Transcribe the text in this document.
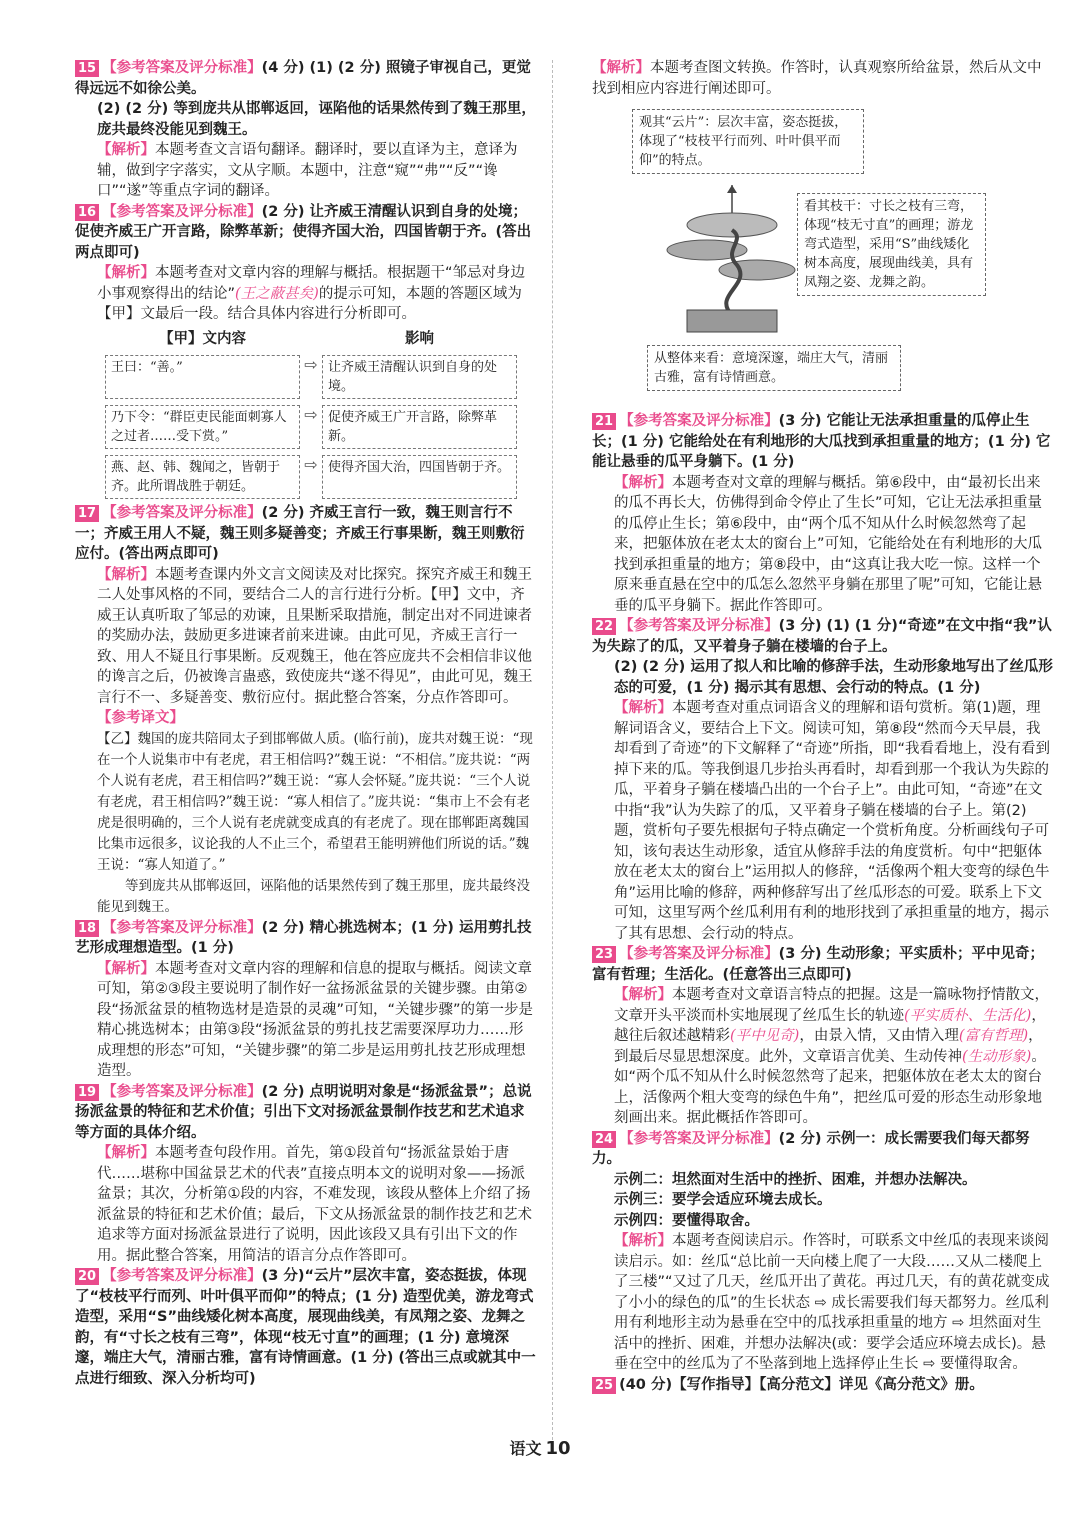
15 【参考答案及评分标准】(4 分) (1) (2 分) 照镜子审视自己，更觉得远远不如徐公美。

(2) (2 分) 等到庞共从邯郸返回，诬陷他的话果然传到了魏王那里，庞共最终没能见到魏王。

【解析】本题考查文言语句翻译。翻译时，要以直译为主，意译为辅，做到字字落实，文从字顺。本题中，注意“窥”“弗”“反”“谗口”“遂”等重点字词的翻译。

16 【参考答案及评分标准】(2 分) 让齐威王清醒认识到自身的处境；促使齐威王广开言路，除弊革新；使得齐国大治，四国皆朝于齐。(答出两点即可)

【解析】本题考查对文章内容的理解与概括。根据题干“邹忌对身边小事观察得出的结论”(王之蔽甚矣)的提示可知，本题的答题区域为【甲】文最后一段。结合具体内容进行分析即可。

【甲】文内容	影响
王曰：“善。”	⇨ 让齐威王清醒认识到自身的处境。
乃下令：“群臣吏民能面刺寡人之过者……受下赏。”
⇨ 促使齐威王广开言路，除弊革新。
燕、赵、韩、魏闻之，皆朝于齐。此所谓战胜于朝廷。
⇨ 使得齐国大治，四国皆朝于齐。

17 【参考答案及评分标准】(2 分) 齐威王言行一致，魏王则言行不一；齐威王用人不疑，魏王则多疑善变；齐威王行事果断，魏王则敷衍应付。(答出两点即可)

【解析】本题考查课内外文言文阅读及对比探究。探究齐威王和魏王二人处事风格的不同，要结合二人的言行进行分析。【甲】文中，齐威王认真听取了邹忌的劝谏，且果断采取措施，制定出对不同进谏者的奖励办法，鼓励更多进谏者前来进谏。由此可见，齐威王言行一致、用人不疑且行事果断。反观魏王，他在答应庞共不会相信非议他的谗言之后，仍被谗言蛊惑，致使庞共“遂不得见”，由此可见，魏王言行不一、多疑善变、敷衍应付。据此整合答案，分点作答即可。

【参考译文】

【乙】魏国的庞共陪同太子到邯郸做人质。(临行前)，庞共对魏王说：“现在一个人说集市中有老虎，君王相信吗?”魏王说：“不相信。”庞共说：“两个人说有老虎，君王相信吗?”魏王说：“寡人会怀疑。”庞共说：“三个人说有老虎，君王相信吗?”魏王说：“寡人相信了。”庞共说：“集市上不会有老虎是很明确的，三个人说有老虎就变成真的有老虎了。现在邯郸距离魏国比集市远很多，议论我的人不止三个，希望君王能明辨他们所说的话。”魏王说：“寡人知道了。”

等到庞共从邯郸返回，诬陷他的话果然传到了魏王那里，庞共最终没能见到魏王。

18 【参考答案及评分标准】(2 分) 精心挑选树本；(1 分) 运用剪扎技艺形成理想造型。(1 分)

【解析】本题考查对文章内容的理解和信息的提取与概括。阅读文章可知，第②③段主要说明了制作好一盆扬派盆景的关键步骤。由第②段“扬派盆景的植物选材是造景的灵魂”可知，“关键步骤”的第一步是精心挑选树本；由第③段“扬派盆景的剪扎技艺需要深厚功力……形成理想的形态”可知，“关键步骤”的第二步是运用剪扎技艺形成理想造型。

19 【参考答案及评分标准】(2 分) 点明说明对象是“扬派盆景”；总说扬派盆景的特征和艺术价值；引出下文对扬派盆景制作技艺和艺术追求等方面的具体介绍。

【解析】本题考查句段作用。首先，第①段首句“扬派盆景始于唐代……堪称中国盆景艺术的代表”直接点明本文的说明对象——扬派盆景；其次，分析第①段的内容，不难发现，该段从整体上介绍了扬派盆景的特征和艺术价值；最后，下文从扬派盆景的制作技艺和艺术追求等方面对扬派盆景进行了说明，因此该段又具有引出下文的作用。据此整合答案，用简洁的语言分点作答即可。

20 【参考答案及评分标准】(3 分)“云片”层次丰富，姿态挺拔，体现了“枝枝平行而列、叶叶俱平而仰”的特点；(1 分) 造型优美，游龙弯式造型，采用“S”曲线矮化树本高度，展现曲线美，有凤翔之姿、龙舞之韵，有“寸长之枝有三弯”，体现“枝无寸直”的画理；(1 分) 意境深邃，端庄大气，清丽古雅，富有诗情画意。(1 分) (答出三点或就其中一点进行细致、深入分析均可)

【解析】本题考查图文转换。作答时，认真观察所给盆景，然后从文中找到相应内容进行阐述即可。

观其“云片”：层次丰富，姿态挺拔，体现了“枝枝平行而列、叶叶俱平而仰”的特点。
看其枝干：寸长之枝有三弯，体现“枝无寸直”的画理；游龙弯式造型，采用“S”曲线矮化树本高度，展现曲线美，具有凤翔之姿、龙舞之韵。
从整体来看：意境深邃，端庄大气，清丽古雅，富有诗情画意。

21 【参考答案及评分标准】(3 分) 它能让无法承担重量的瓜停止生长；(1 分) 它能给处在有利地形的大瓜找到承担重量的地方；(1 分) 它能让悬垂的瓜平身躺下。(1 分)

【解析】本题考查对文章的理解与概括。第⑥段中，由“最初长出来的瓜不再长大，仿佛得到命令停止了生长”可知，它让无法承担重量的瓜停止生长；第⑥段中，由“两个瓜不知从什么时候忽然弯了起来，把躯体放在老太太的窗台上”可知，它能给处在有利地形的大瓜找到承担重量的地方；第⑧段中，由“这真让我大吃一惊。这样一个原来垂直悬在空中的瓜怎么忽然平身躺在那里了呢”可知，它能让悬垂的瓜平身躺下。据此作答即可。

22 【参考答案及评分标准】(3 分) (1) (1 分)“奇迹”在文中指“我”认为失踪了的瓜，又平着身子躺在楼墙的台子上。

(2) (2 分) 运用了拟人和比喻的修辞手法，生动形象地写出了丝瓜形态的可爱，(1 分) 揭示其有思想、会行动的特点。(1 分)

【解析】本题考查对重点词语含义的理解和语句赏析。第(1)题，理解词语含义，要结合上下文。阅读可知，第⑧段“然而今天早晨，我却看到了奇迹”的下文解释了“奇迹”所指，即“我看看地上，没有看到掉下来的瓜。等我倒退几步抬头再看时，却看到那一个我认为失踪的瓜，平着身子躺在楼墙凸出的一个台子上”。由此可知，“奇迹”在文中指“我”认为失踪了的瓜，又平着身子躺在楼墙的台子上。第(2)题，赏析句子要先根据句子特点确定一个赏析角度。分析画线句子可知，该句表达生动形象，适宜从修辞手法的角度赏析。句中“把躯体放在老太太的窗台上”运用拟人的修辞，“活像两个粗大变弯的绿色牛角”运用比喻的修辞，两种修辞写出了丝瓜形态的可爱。联系上下文可知，这里写两个丝瓜利用有利的地形找到了承担重量的地方，揭示了其有思想、会行动的特点。

23 【参考答案及评分标准】(3 分) 生动形象；平实质朴；平中见奇；富有哲理；生活化。(任意答出三点即可)

【解析】本题考查对文章语言特点的把握。这是一篇咏物抒情散文，文章开头平淡而朴实地展现了丝瓜生长的轨迹(平实质朴、生活化)，越往后叙述越精彩(平中见奇)，由景入情，又由情入理(富有哲理)，到最后尽显思想深度。此外，文章语言优美、生动传神(生动形象)。如“两个瓜不知从什么时候忽然弯了起来，把躯体放在老太太的窗台上，活像两个粗大变弯的绿色牛角”，把丝瓜可爱的形态生动形象地刻画出来。据此概括作答即可。

24 【参考答案及评分标准】(2 分) 示例一：成长需要我们每天都努力。

示例二：坦然面对生活中的挫折、困难，并想办法解决。

示例三：要学会适应环境去成长。

示例四：要懂得取舍。

【解析】本题考查阅读启示。作答时，可联系文中丝瓜的表现来谈阅读启示。如：丝瓜“总比前一天向楼上爬了一大段……又从二楼爬上了三楼”“又过了几天，丝瓜开出了黄花。再过几天，有的黄花就变成了小小的绿色的瓜”的生长状态 ⇨ 成长需要我们每天都努力。丝瓜利用有利地形主动为悬垂在空中的瓜找承担重量的地方 ⇨ 坦然面对生活中的挫折、困难，并想办法解决(或：要学会适应环境去成长)。悬垂在空中的丝瓜为了不坠落到地上选择停止生长 ⇨ 要懂得取舍。

25 (40 分)【写作指导】【高分范文】详见《高分范文》册。

语文 10
